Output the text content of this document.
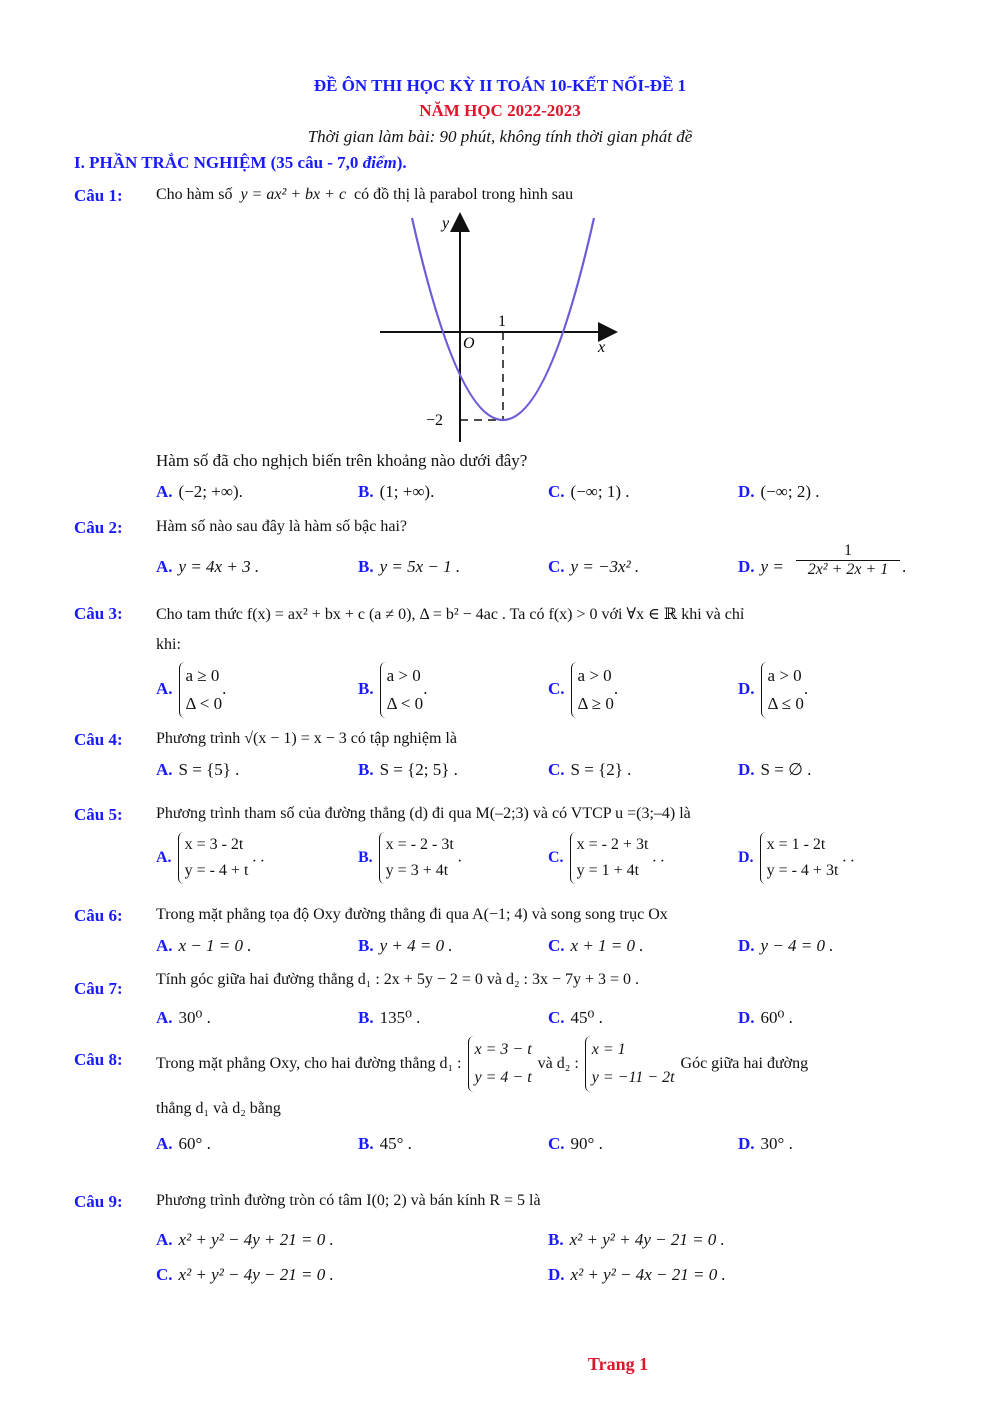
ĐỀ ÔN THI HỌC KỲ II TOÁN 10-KẾT NỐI-ĐỀ 1
NĂM HỌC 2022-2023
Thời gian làm bài: 90 phút, không tính thời gian phát đề
I. PHẦN TRẮC NGHIỆM (35 câu - 7,0 điểm).
Câu 1: Cho hàm số y = ax² + bx + c có đồ thị là parabol trong hình sau
y
x
O
1
−2
Hàm số đã cho nghịch biến trên khoảng nào dưới đây?
A. (−2; +∞).	B. (1; +∞).	C. (−∞; 1) .	D. (−∞; 2) .
Câu 2: Hàm số nào sau đây là hàm số bậc hai?
A. y = 4x + 3 .	B. y = 5x − 1 .	C. y = −3x² .	D. y =
1
2x² + 2x + 1 .
Câu 3: Cho tam thức f(x) = ax² + bx + c (a ≠ 0), Δ = b² − 4ac . Ta có f(x) > 0 với ∀x ∈ ℝ khi và chỉ
khi:
A.
a ≥ 0
Δ < 0
.	B.
a > 0
Δ < 0
.	C.
a > 0
Δ ≥ 0
.	D.
a > 0
Δ ≤ 0
.
Câu 4: Phương trình √(x − 1) = x − 3 có tập nghiệm là
A. S = {5} .	B. S = {2; 5} .	C. S = {2} .	D. S = ∅ .
Câu 5: Phương trình tham số của đường thẳng (d) đi qua M(–2;3) và có VTCP u =(3;–4) là
A.
x = 3 - 2t
y = - 4 + t
. .	B.
x = - 2 - 3t
y = 3 + 4t
.	C.
x = - 2 + 3t
y = 1 + 4t
. .	D.
x = 1 - 2t
y = - 4 + 3t
. .
Câu 6: Trong mặt phẳng tọa độ Oxy đường thẳng đi qua A(−1; 4) và song song trục Ox
A. x − 1 = 0 .	B. y + 4 = 0 .	C. x + 1 = 0 .	D. y − 4 = 0 .
Câu 7: Tính góc giữa hai đường thẳng d₁ : 2x + 5y − 2 = 0 và d₂ : 3x − 7y + 3 = 0 .
A. 30⁰ .	B. 135⁰ .	C. 45⁰ .	D. 60⁰ .
Câu 8: Trong mặt phẳng Oxy, cho hai đường thẳng d₁ :
x = 3 − t
y = 4 − t
và d₂ :
x = 1
y = −11 − 2t
Góc giữa hai đường
thẳng d₁ và d₂ bằng
A. 60° .	B. 45° .	C. 90° .	D. 30° .
Câu 9: Phương trình đường tròn có tâm I(0; 2) và bán kính R = 5 là
A. x² + y² − 4y + 21 = 0 .	B. x² + y² + 4y − 21 = 0 .
C. x² + y² − 4y − 21 = 0 .	D. x² + y² − 4x − 21 = 0 .
Trang 1
